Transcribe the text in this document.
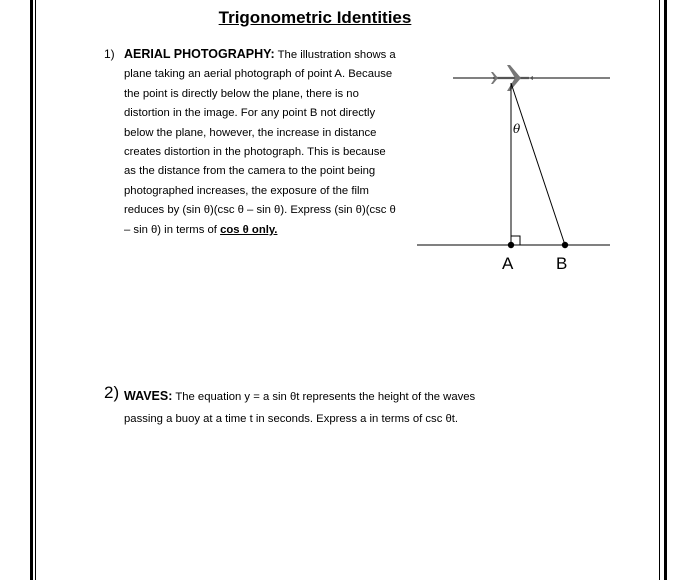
Trigonometric Identities
1) AERIAL PHOTOGRAPHY: The illustration shows a plane taking an aerial photograph of point A. Because the point is directly below the plane, there is no distortion in the image. For any point B not directly below the plane, however, the increase in distance creates distortion in the photograph. This is because as the distance from the camera to the point being photographed increases, the exposure of the film reduces by (sin θ)(csc θ – sin θ). Express (sin θ)(csc θ – sin θ) in terms of cos θ only.
θ
A	B
2) WAVES: The equation y = a sin θt represents the height of the waves
passing a buoy at a time t in seconds. Express a in terms of csc θt.
